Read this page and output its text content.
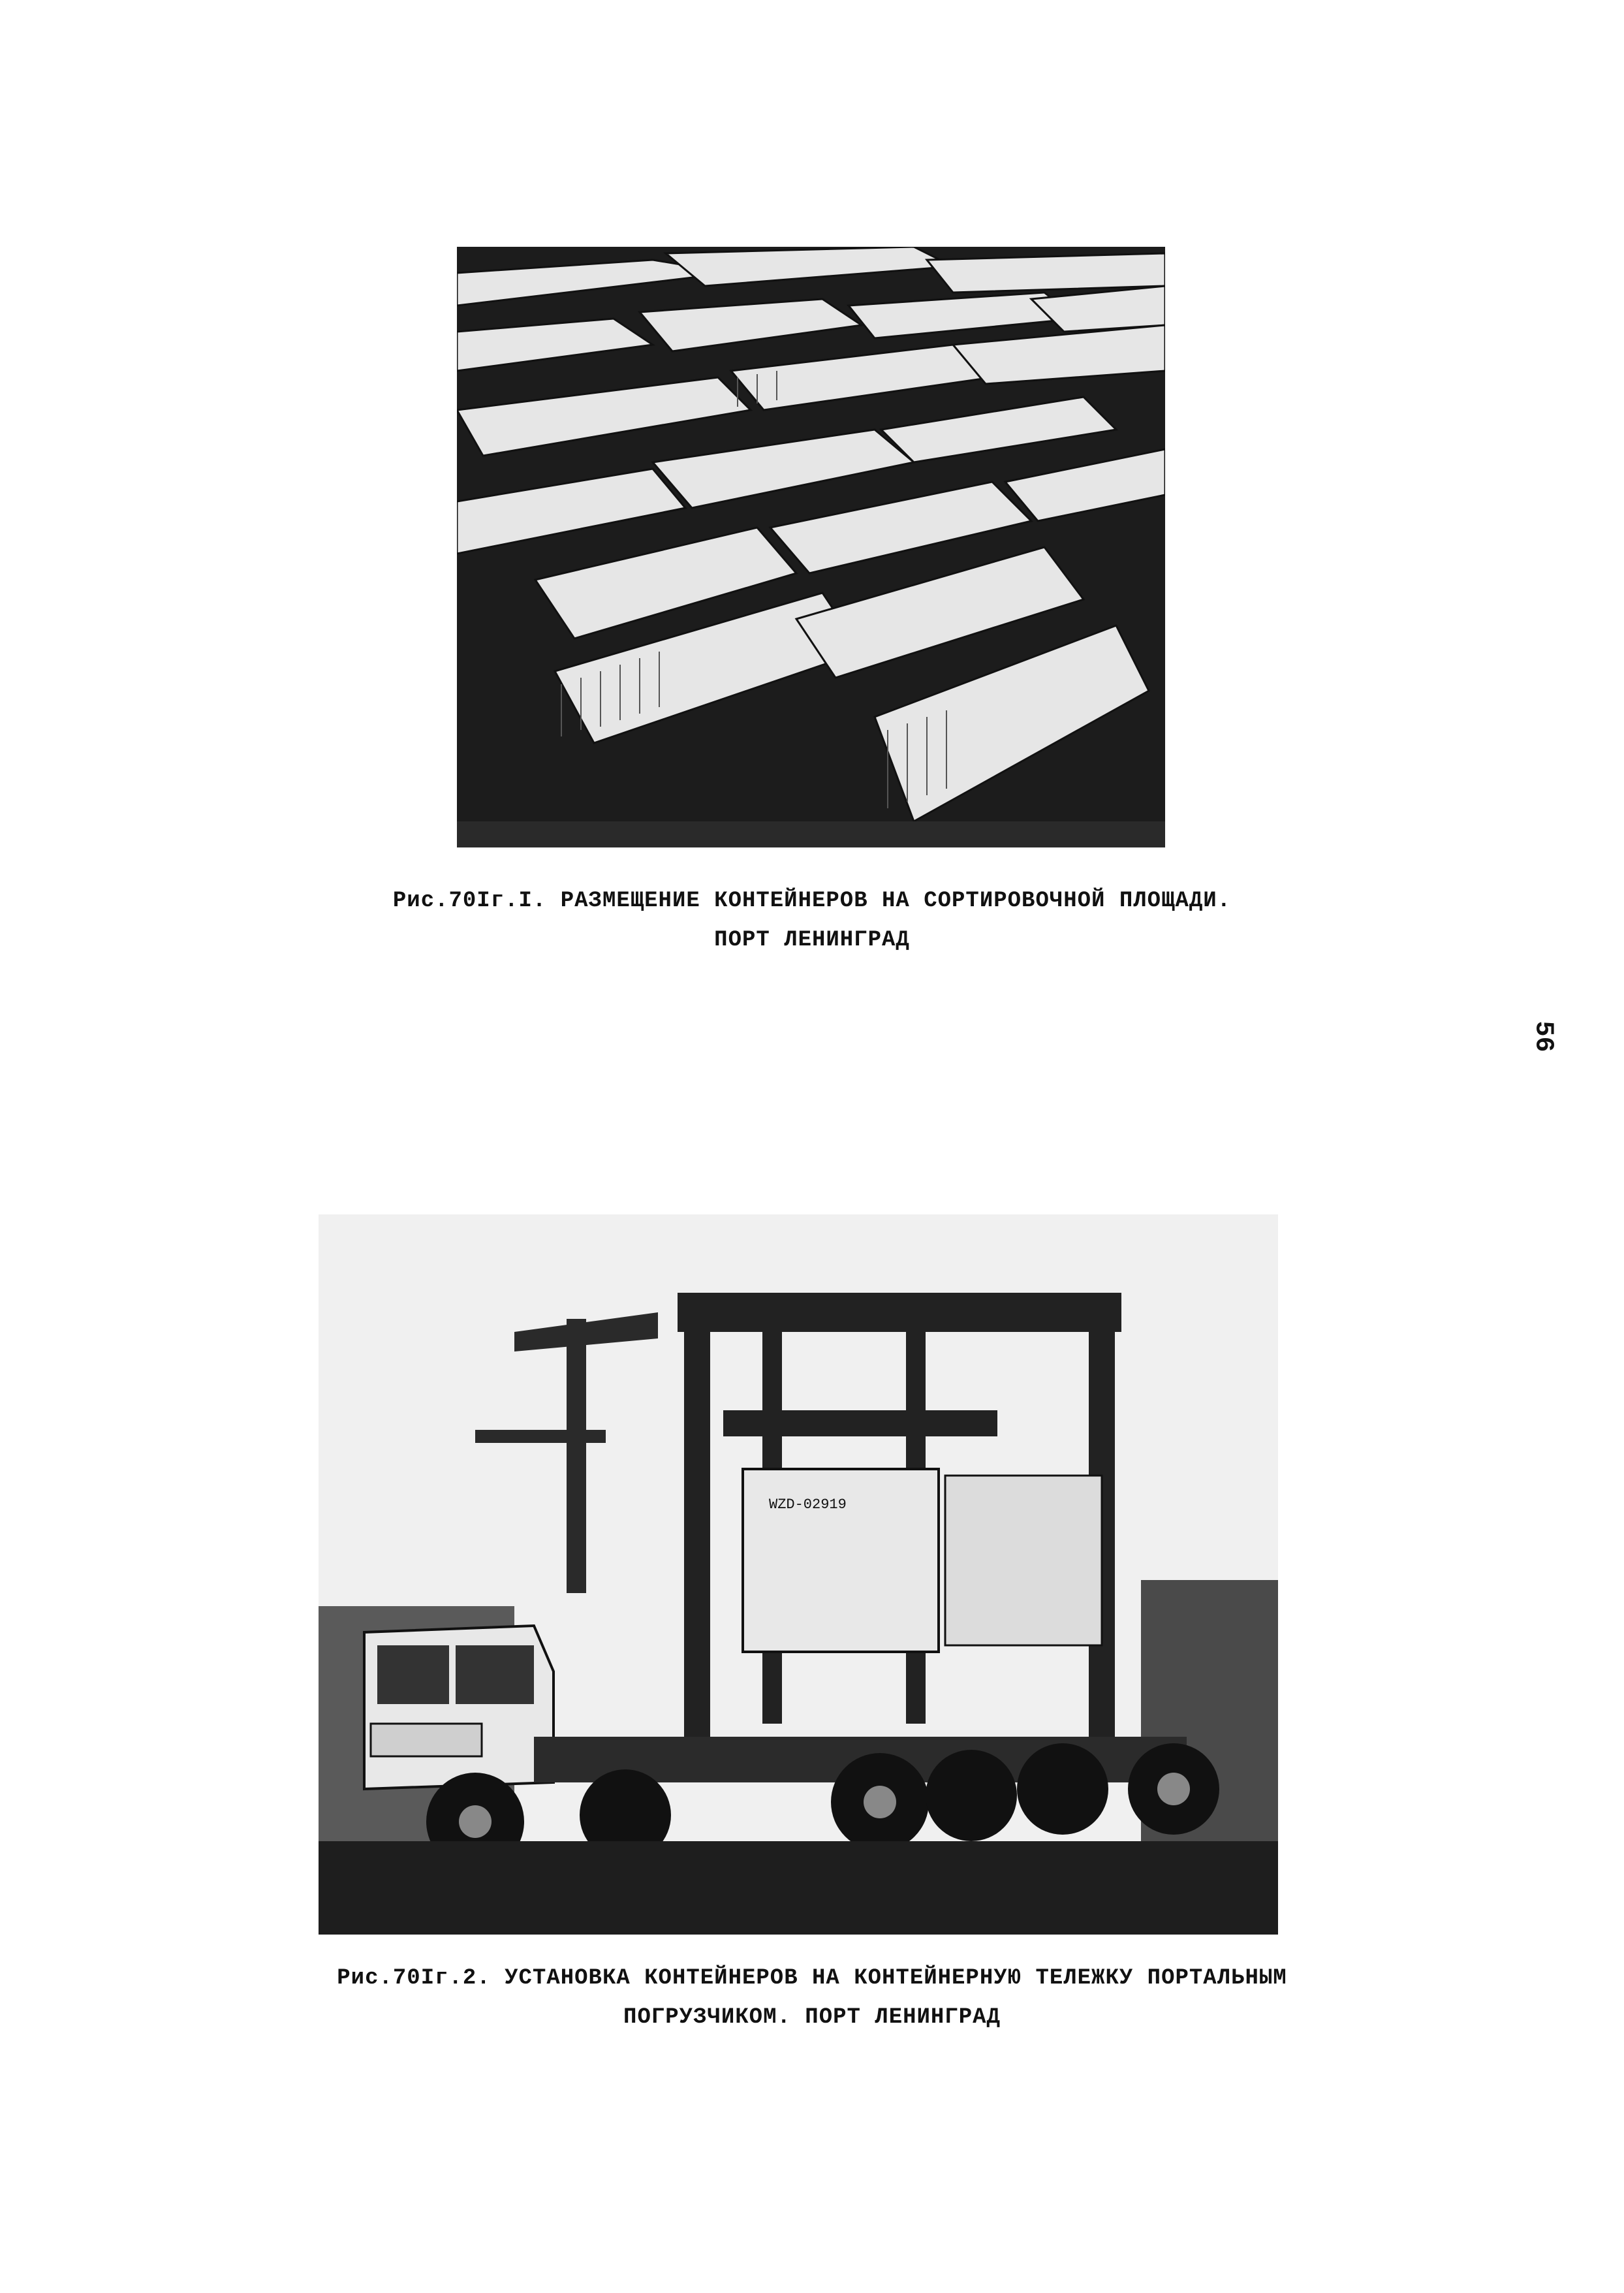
Рис.70Iг.I. РАЗМЕЩЕНИЕ КОНТЕЙНЕРОВ НА СОРТИРОВОЧНОЙ ПЛОЩАДИ.
ПОРТ ЛЕНИНГРАД
56
WZD-02919
Рис.70Iг.2. УСТАНОВКА КОНТЕЙНЕРОВ НА КОНТЕЙНЕРНУЮ ТЕЛЕЖКУ ПОРТАЛЬНЫМ
ПОГРУЗЧИКОМ. ПОРТ ЛЕНИНГРАД
